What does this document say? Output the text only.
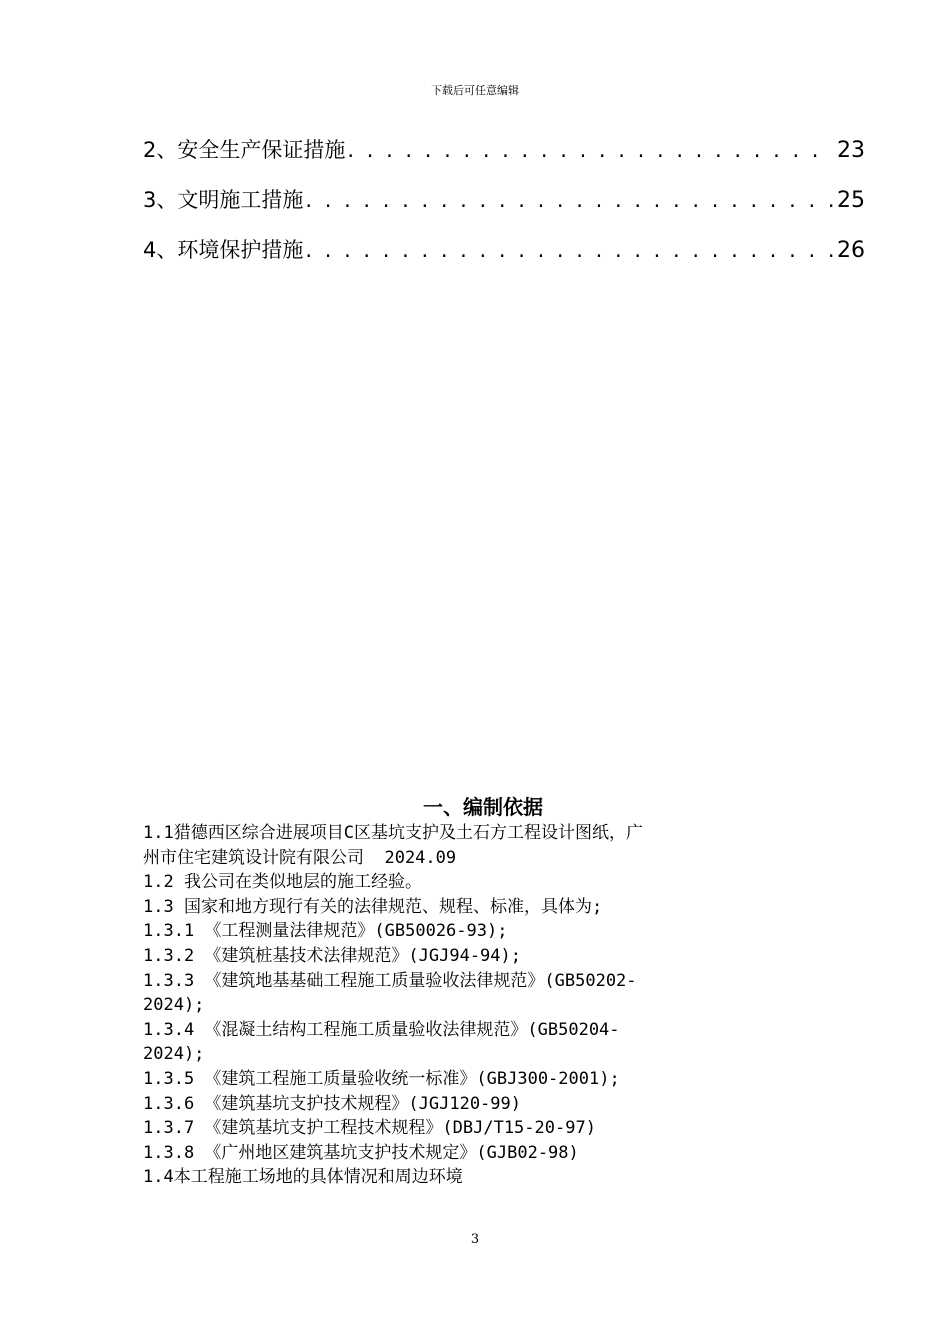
下载后可任意编辑
2、安全生产保证措施 . . .	23
3、文明施工措施 . . .	25
4、环境保护措施 . . .	26
一、编制依据

1.1猎德西区综合进展项目C区基坑支护及土石方工程设计图纸，广

州市住宅建筑设计院有限公司  2024.09

1.2 我公司在类似地层的施工经验。

1.3 国家和地方现行有关的法律规范、规程、标准，具体为;

1.3.1 《工程测量法律规范》(GB50026-93);

1.3.2 《建筑桩基技术法律规范》(JGJ94-94);

1.3.3 《建筑地基基础工程施工质量验收法律规范》(GB50202-

2024);

1.3.4 《混凝土结构工程施工质量验收法律规范》(GB50204-

2024);

1.3.5 《建筑工程施工质量验收统一标准》(GBJ300-2001);

1.3.6 《建筑基坑支护技术规程》(JGJ120-99)

1.3.7 《建筑基坑支护工程技术规程》(DBJ/T15-20-97)

1.3.8 《广州地区建筑基坑支护技术规定》(GJB02-98)

1.4本工程施工场地的具体情况和周边环境

3
